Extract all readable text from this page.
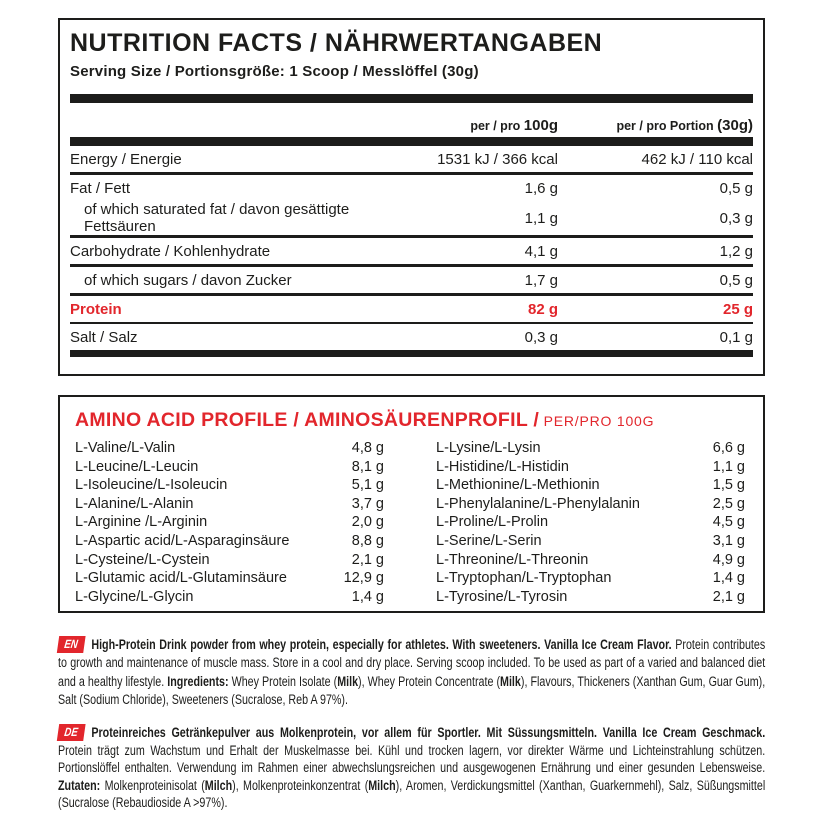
NUTRITION FACTS / NÄHRWERTANGABEN
Serving Size / Portionsgröße: 1 Scoop / Messlöffel (30g)
per / pro 100g	per / pro Portion (30g)
Energy / Energie	1531 kJ / 366 kcal	462 kJ / 110 kcal
Fat / Fett	1,6 g	0,5 g
of which saturated fat / davon gesättigte Fettsäuren	1,1 g	0,3 g
Carbohydrate / Kohlenhydrate	4,1 g	1,2 g
of which sugars / davon Zucker	1,7 g	0,5 g
Protein	82 g	25 g
Salt / Salz	0,3 g	0,1 g
AMINO ACID PROFILE / AMINOSÄURENPROFIL / PER/PRO 100G
L-Valine/L-Valin	4,8 g
L-Leucine/L-Leucin	8,1 g
L-Isoleucine/L-Isoleucin	5,1 g
L-Alanine/L-Alanin	3,7 g
L-Arginine /L-Arginin	2,0 g
L-Aspartic acid/L-Asparaginsäure	8,8 g
L-Cysteine/L-Cystein	2,1 g
L-Glutamic acid/L-Glutaminsäure	12,9 g
L-Glycine/L-Glycin	1,4 g
L-Lysine/L-Lysin	6,6 g
L-Histidine/L-Histidin	1,1 g
L-Methionine/L-Methionin	1,5 g
L-Phenylalanine/L-Phenylalanin	2,5 g
L-Proline/L-Prolin	4,5 g
L-Serine/L-Serin	3,1 g
L-Threonine/L-Threonin	4,9 g
L-Tryptophan/L-Tryptophan	1,4 g
L-Tyrosine/L-Tyrosin	2,1 g
EN High-Protein Drink powder from whey protein, especially for athletes. With sweeteners. Vanilla Ice Cream Flavor. Protein contributes to growth and maintenance of muscle mass. Store in a cool and dry place. Serving scoop included. To be used as part of a varied and balanced diet and a healthy lifestyle. Ingredients: Whey Protein Isolate (Milk), Whey Protein Concentrate (Milk), Flavours, Thickeners (Xanthan Gum, Guar Gum), Salt (Sodium Chloride), Sweeteners (Sucralose, Reb A 97%).
DE Proteinreiches Getränkepulver aus Molkenprotein, vor allem für Sportler. Mit Süssungsmitteln. Vanilla Ice Cream Geschmack. Protein trägt zum Wachstum und Erhalt der Muskelmasse bei. Kühl und trocken lagern, vor direkter Wärme und Lichteinstrahlung schützen. Portionslöffel enthalten. Verwendung im Rahmen einer abwechslungsreichen und ausgewogenen Ernährung und einer gesunden Lebensweise. Zutaten: Molkenproteinisolat (Milch), Molkenproteinkonzentrat (Milch), Aromen, Verdickungsmittel (Xanthan, Guarkernmehl), Salz, Süßungsmittel (Sucralose (Rebaudioside A >97%).
